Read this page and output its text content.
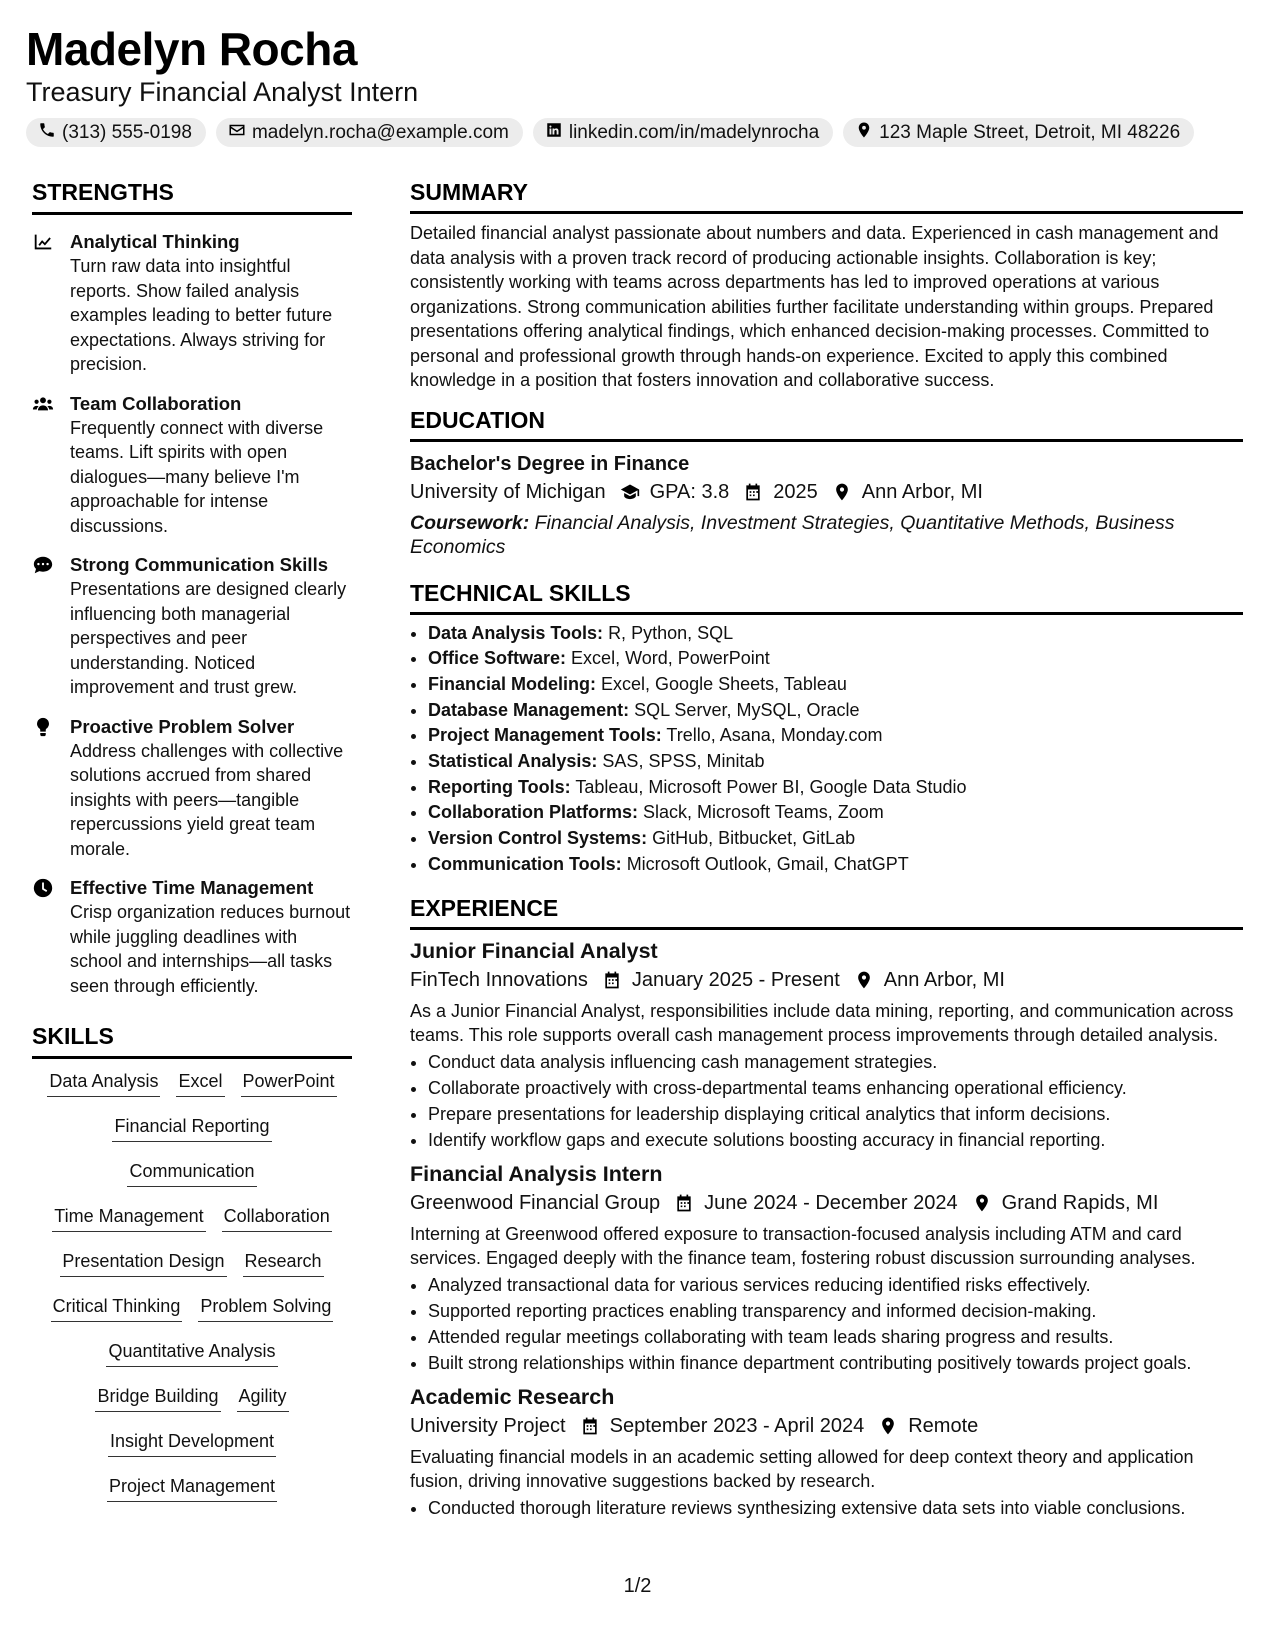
Madelyn Rocha
Treasury Financial Analyst Intern
(313) 555-0198	madelyn.rocha@example.com	linkedin.com/in/madelynrocha	123 Maple Street, Detroit, MI 48226
STRENGTHS
Analytical Thinking
Turn raw data into insightful reports. Show failed analysis examples leading to better future expectations. Always striving for precision.
Team Collaboration
Frequently connect with diverse teams. Lift spirits with open dialogues—many believe I'm approachable for intense discussions.
Strong Communication Skills
Presentations are designed clearly influencing both managerial perspectives and peer understanding. Noticed improvement and trust grew.
Proactive Problem Solver
Address challenges with collective solutions accrued from shared insights with peers—tangible repercussions yield great team morale.
Effective Time Management
Crisp organization reduces burnout while juggling deadlines with school and internships—all tasks seen through efficiently.
SKILLS
Data Analysis Excel PowerPoint
Financial Reporting
Communication
Time Management Collaboration
Presentation Design Research
Critical Thinking Problem Solving
Quantitative Analysis
Bridge Building Agility
Insight Development
Project Management
SUMMARY
Detailed financial analyst passionate about numbers and data. Experienced in cash management and data analysis with a proven track record of producing actionable insights. Collaboration is key; consistently working with teams across departments has led to improved operations at various organizations. Strong communication abilities further facilitate understanding within groups. Prepared presentations offering analytical findings, which enhanced decision-making processes. Committed to personal and professional growth through hands-on experience. Excited to apply this combined knowledge in a position that fosters innovation and collaborative success.
EDUCATION
Bachelor's Degree in Finance
University of Michigan GPA: 3.8 2025 Ann Arbor, MI
Coursework: Financial Analysis, Investment Strategies, Quantitative Methods, Business Economics
TECHNICAL SKILLS
• Data Analysis Tools: R, Python, SQL
• Office Software: Excel, Word, PowerPoint
• Financial Modeling: Excel, Google Sheets, Tableau
• Database Management: SQL Server, MySQL, Oracle
• Project Management Tools: Trello, Asana, Monday.com
• Statistical Analysis: SAS, SPSS, Minitab
• Reporting Tools: Tableau, Microsoft Power BI, Google Data Studio
• Collaboration Platforms: Slack, Microsoft Teams, Zoom
• Version Control Systems: GitHub, Bitbucket, GitLab
• Communication Tools: Microsoft Outlook, Gmail, ChatGPT
EXPERIENCE
Junior Financial Analyst
FinTech Innovations January 2025 - Present Ann Arbor, MI
As a Junior Financial Analyst, responsibilities include data mining, reporting, and communication across teams. This role supports overall cash management process improvements through detailed analysis.
• Conduct data analysis influencing cash management strategies.
• Collaborate proactively with cross-departmental teams enhancing operational efficiency.
• Prepare presentations for leadership displaying critical analytics that inform decisions.
• Identify workflow gaps and execute solutions boosting accuracy in financial reporting.
Financial Analysis Intern
Greenwood Financial Group June 2024 - December 2024 Grand Rapids, MI
Interning at Greenwood offered exposure to transaction-focused analysis including ATM and card services. Engaged deeply with the finance team, fostering robust discussion surrounding analyses.
• Analyzed transactional data for various services reducing identified risks effectively.
• Supported reporting practices enabling transparency and informed decision-making.
• Attended regular meetings collaborating with team leads sharing progress and results.
• Built strong relationships within finance department contributing positively towards project goals.
Academic Research
University Project September 2023 - April 2024 Remote
Evaluating financial models in an academic setting allowed for deep context theory and application fusion, driving innovative suggestions backed by research.
• Conducted thorough literature reviews synthesizing extensive data sets into viable conclusions.
1/2
